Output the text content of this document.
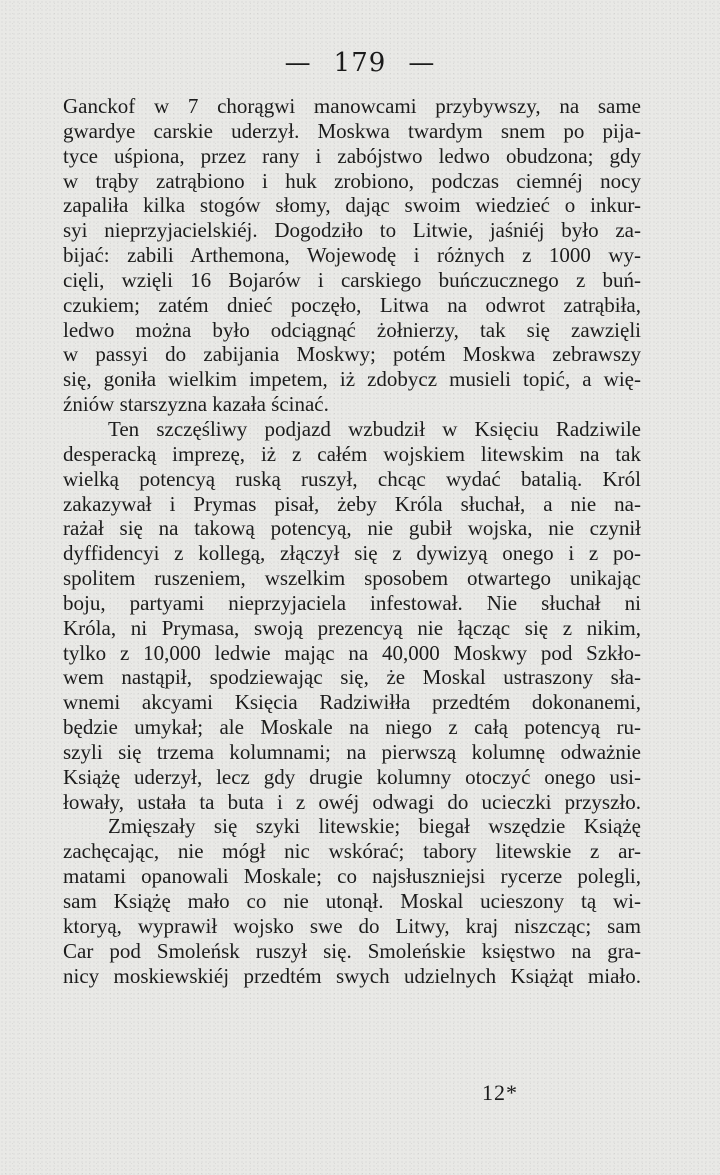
— 179 —
Ganckof w 7 chorągwi manowcami przybywszy, na same
gwardye carskie uderzył. Moskwa twardym snem po pija-
tyce uśpiona, przez rany i zabójstwo ledwo obudzona; gdy
w trąby zatrąbiono i huk zrobiono, podczas ciemnéj nocy
zapaliła kilka stogów słomy, dając swoim wiedzieć o inkur-
syi nieprzyjacielskiéj. Dogodziło to Litwie, jaśniéj było za-
bijać: zabili Arthemona, Wojewodę i różnych z 1000 wy-
cięli, wzięli 16 Bojarów i carskiego buńczucznego z buń-
czukiem; zatém dnieć poczęło, Litwa na odwrot zatrąbiła,
ledwo można było odciągnąć żołnierzy, tak się zawzięli
w passyi do zabijania Moskwy; potém Moskwa zebrawszy
się, goniła wielkim impetem, iż zdobycz musieli topić, a wię-
źniów starszyzna kazała ścinać.
Ten szczęśliwy podjazd wzbudził w Księciu Radziwile
desperacką imprezę, iż z całém wojskiem litewskim na tak
wielką potencyą ruską ruszył, chcąc wydać batalią. Król
zakazywał i Prymas pisał, żeby Króla słuchał, a nie na-
rażał się na takową potencyą, nie gubił wojska, nie czynił
dyffidencyi z kollegą, złączył się z dywizyą onego i z po-
spolitem ruszeniem, wszelkim sposobem otwartego unikając
boju, partyami nieprzyjaciela infestował. Nie słuchał ni
Króla, ni Prymasa, swoją prezencyą nie łącząc się z nikim,
tylko z 10,000 ledwie mając na 40,000 Moskwy pod Szkło-
wem nastąpił, spodziewając się, że Moskal ustraszony sła-
wnemi akcyami Księcia Radziwiłła przedtém dokonanemi,
będzie umykał; ale Moskale na niego z całą potencyą ru-
szyli się trzema kolumnami; na pierwszą kolumnę odważnie
Książę uderzył, lecz gdy drugie kolumny otoczyć onego usi-
łowały, ustała ta buta i z owéj odwagi do ucieczki przyszło.
Zmięszały się szyki litewskie; biegał wszędzie Książę
zachęcając, nie mógł nic wskórać; tabory litewskie z ar-
matami opanowali Moskale; co najsłuszniejsi rycerze polegli,
sam Książę mało co nie utonął. Moskal ucieszony tą wi-
ktoryą, wyprawił wojsko swe do Litwy, kraj niszcząc; sam
Car pod Smoleńsk ruszył się. Smoleńskie księstwo na gra-
nicy moskiewskiéj przedtém swych udzielnych Książąt miało.
12*
